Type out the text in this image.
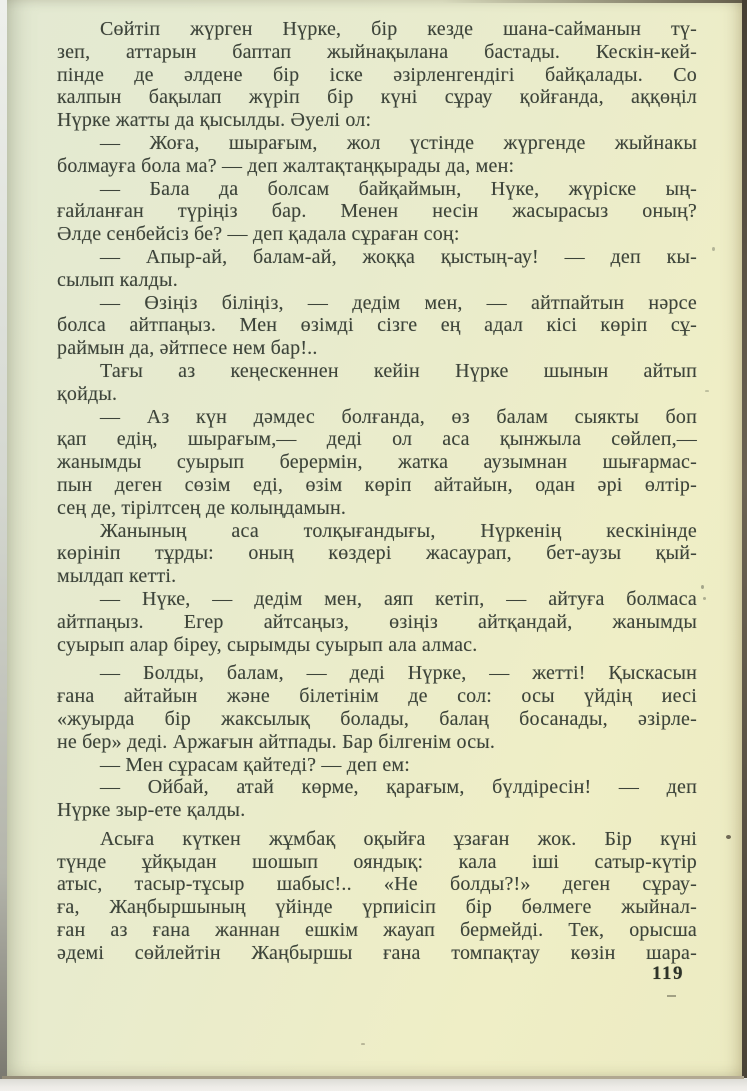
Сөйтіп жүрген Нүрке, бір кезде шана-сайманын тү-
зеп, аттарын баптап жыйнақылана бастады. Кескін-кей-
пінде де әлдене бір іске әзірленгендігі байқалады. Со
калпын бақылап жүріп бір күні сұрау қойғанда, аққөңіл
Нүрке жатты да қысылды. Әуелі ол:

— Жоға, шырағым, жол үстінде жүргенде жыйнакы
болмауға бола ма? — деп жалтақтаңқырады да, мен:

— Бала да болсам байқаймын, Нүке, жүріске ың-
ғайланған түріңіз бар. Менен несін жасырасыз оның?
Әлде сенбейсіз бе? — деп қадала сұраған соң:

— Апыр-ай, балам-ай, жоққа қыстың-ау! — деп кы-
сылып калды.

— Өзіңіз біліңіз, — дедім мен, — айтпайтын нәрсе
болса айтпаңыз. Мен өзімді сізге ең адал кісі көріп сұ-
раймын да, әйтпесе нем бар!..

Тағы аз кеңескеннен кейін Нүрке шынын айтып
қойды.

— Аз күн дәмдес болғанда, өз балам сыякты боп
қап едің, шырағым,— деді ол аса қынжыла сөйлеп,—
жанымды суырып берермін, жатка аузымнан шығармас-
пын деген сөзім еді, өзім көріп айтайын, одан әрі өлтір-
сең де, тірілтсең де колыңдамын.

Жанының аса толқығандығы, Нүркенің кескінінде
көрініп тұрды: оның көздері жасаурап, бет-аузы қый-
мылдап кетті.

— Нүке, — дедім мен, аяп кетіп, — айтуға болмаса
айтпаңыз. Егер айтсаңыз, өзіңіз айтқандай, жанымды
суырып алар біреу, сырымды суырып ала алмас.

— Болды, балам, — деді Нүрке, — жетті! Қыскасын
ғана айтайын және білетінім де сол: осы үйдің иесі
«жуырда бір жаксылық болады, балаң босанады, әзірле-
не бер» деді. Аржағын айтпады. Бар білгенім осы.

— Мен сұрасам қайтеді? — деп ем:

— Ойбай, атай көрме, қарағым, бүлдіресін! — деп
Нүрке зыр-ете қалды.

Асыға күткен жұмбақ оқыйға ұзаған жок. Бір күні
түнде ұйқыдан шошып ояндық: кала іші сатыр-күтір
атыс, тасыр-тұсыр шабыс!.. «Не болды?!» деген сұрау-
ға, Жаңбыршының үйінде үрпиісіп бір бөлмеге жыйнал-
ған аз ғана жаннан ешкім жауап бермейді. Тек, орысша
әдемі сөйлейтін Жаңбыршы ғана томпақтау көзін шара-

119
